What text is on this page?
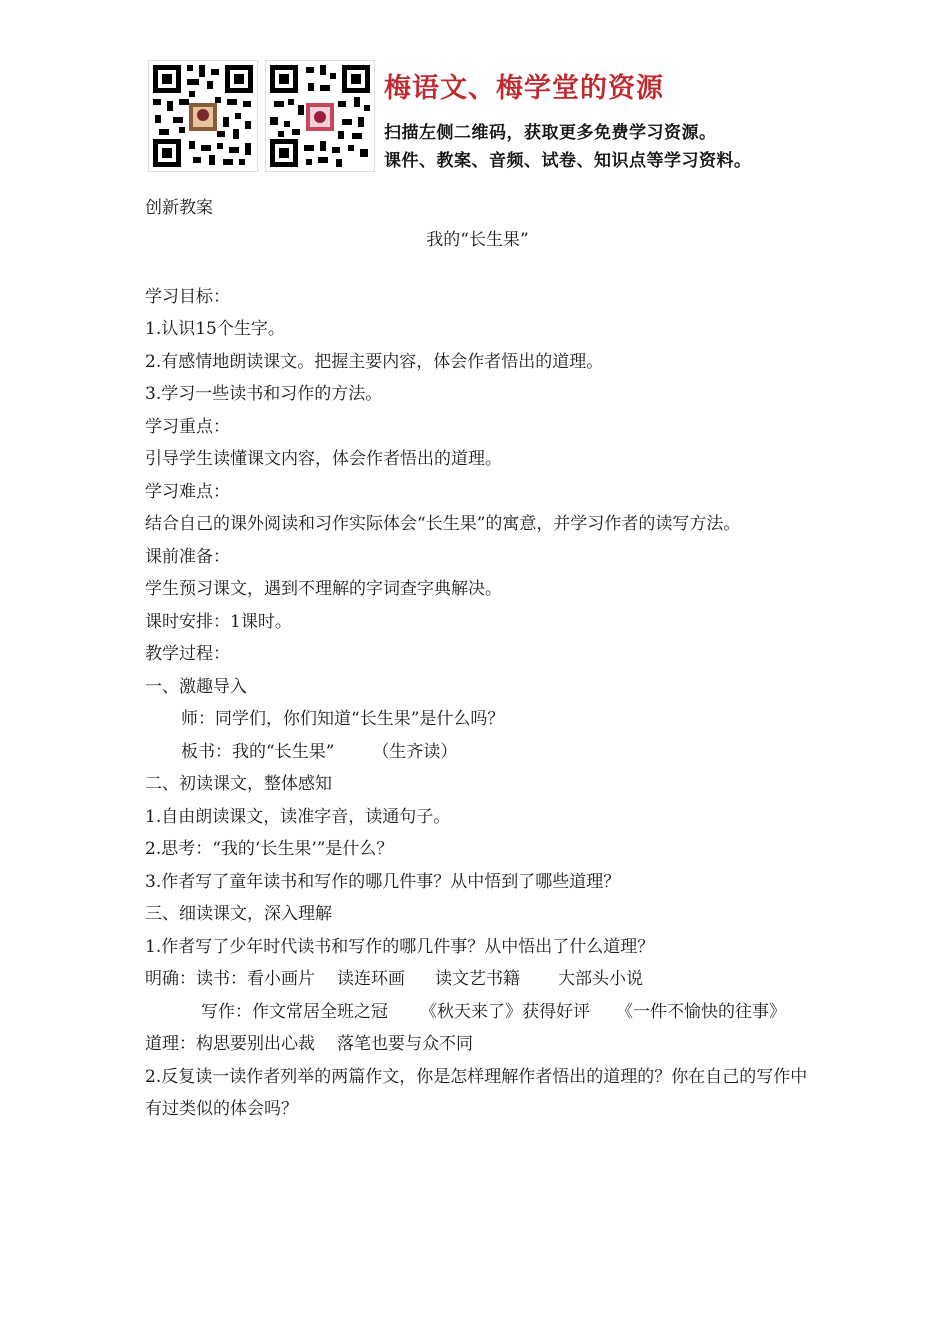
梅语文、梅学堂的资源
扫描左侧二维码，获取更多免费学习资源。
课件、教案、音频、试卷、知识点等学习资料。

创新教案

我的“长生果”

学习目标：

1.认识15个生字。

2.有感情地朗读课文。把握主要内容，体会作者悟出的道理。

3.学习一些读书和习作的方法。

学习重点：

引导学生读懂课文内容，体会作者悟出的道理。

学习难点：

结合自己的课外阅读和习作实际体会“长生果”的寓意，并学习作者的读写方法。

课前准备：

学生预习课文，遇到不理解的字词查字典解决。

课时安排：1课时。

教学过程：

一、激趣导入

师：同学们，你们知道“长生果”是什么吗？

板书：我的“长生果” （生齐读）

二、初读课文，整体感知

1.自由朗读课文，读准字音，读通句子。

2.思考：“我的‘长生果’”是什么？

3.作者写了童年读书和写作的哪几件事？从中悟到了哪些道理？

三、细读课文，深入理解

1.作者写了少年时代读书和写作的哪几件事？从中悟出了什么道理？

明确：读书：看小画片 读连环画 读文艺书籍 大部头小说

写作：作文常居全班之冠 《秋天来了》获得好评 《一件不愉快的往事》

道理：构思要别出心裁 落笔也要与众不同

2.反复读一读作者列举的两篇作文，你是怎样理解作者悟出的道理的？你在自己的写作中有过类似的体会吗？
